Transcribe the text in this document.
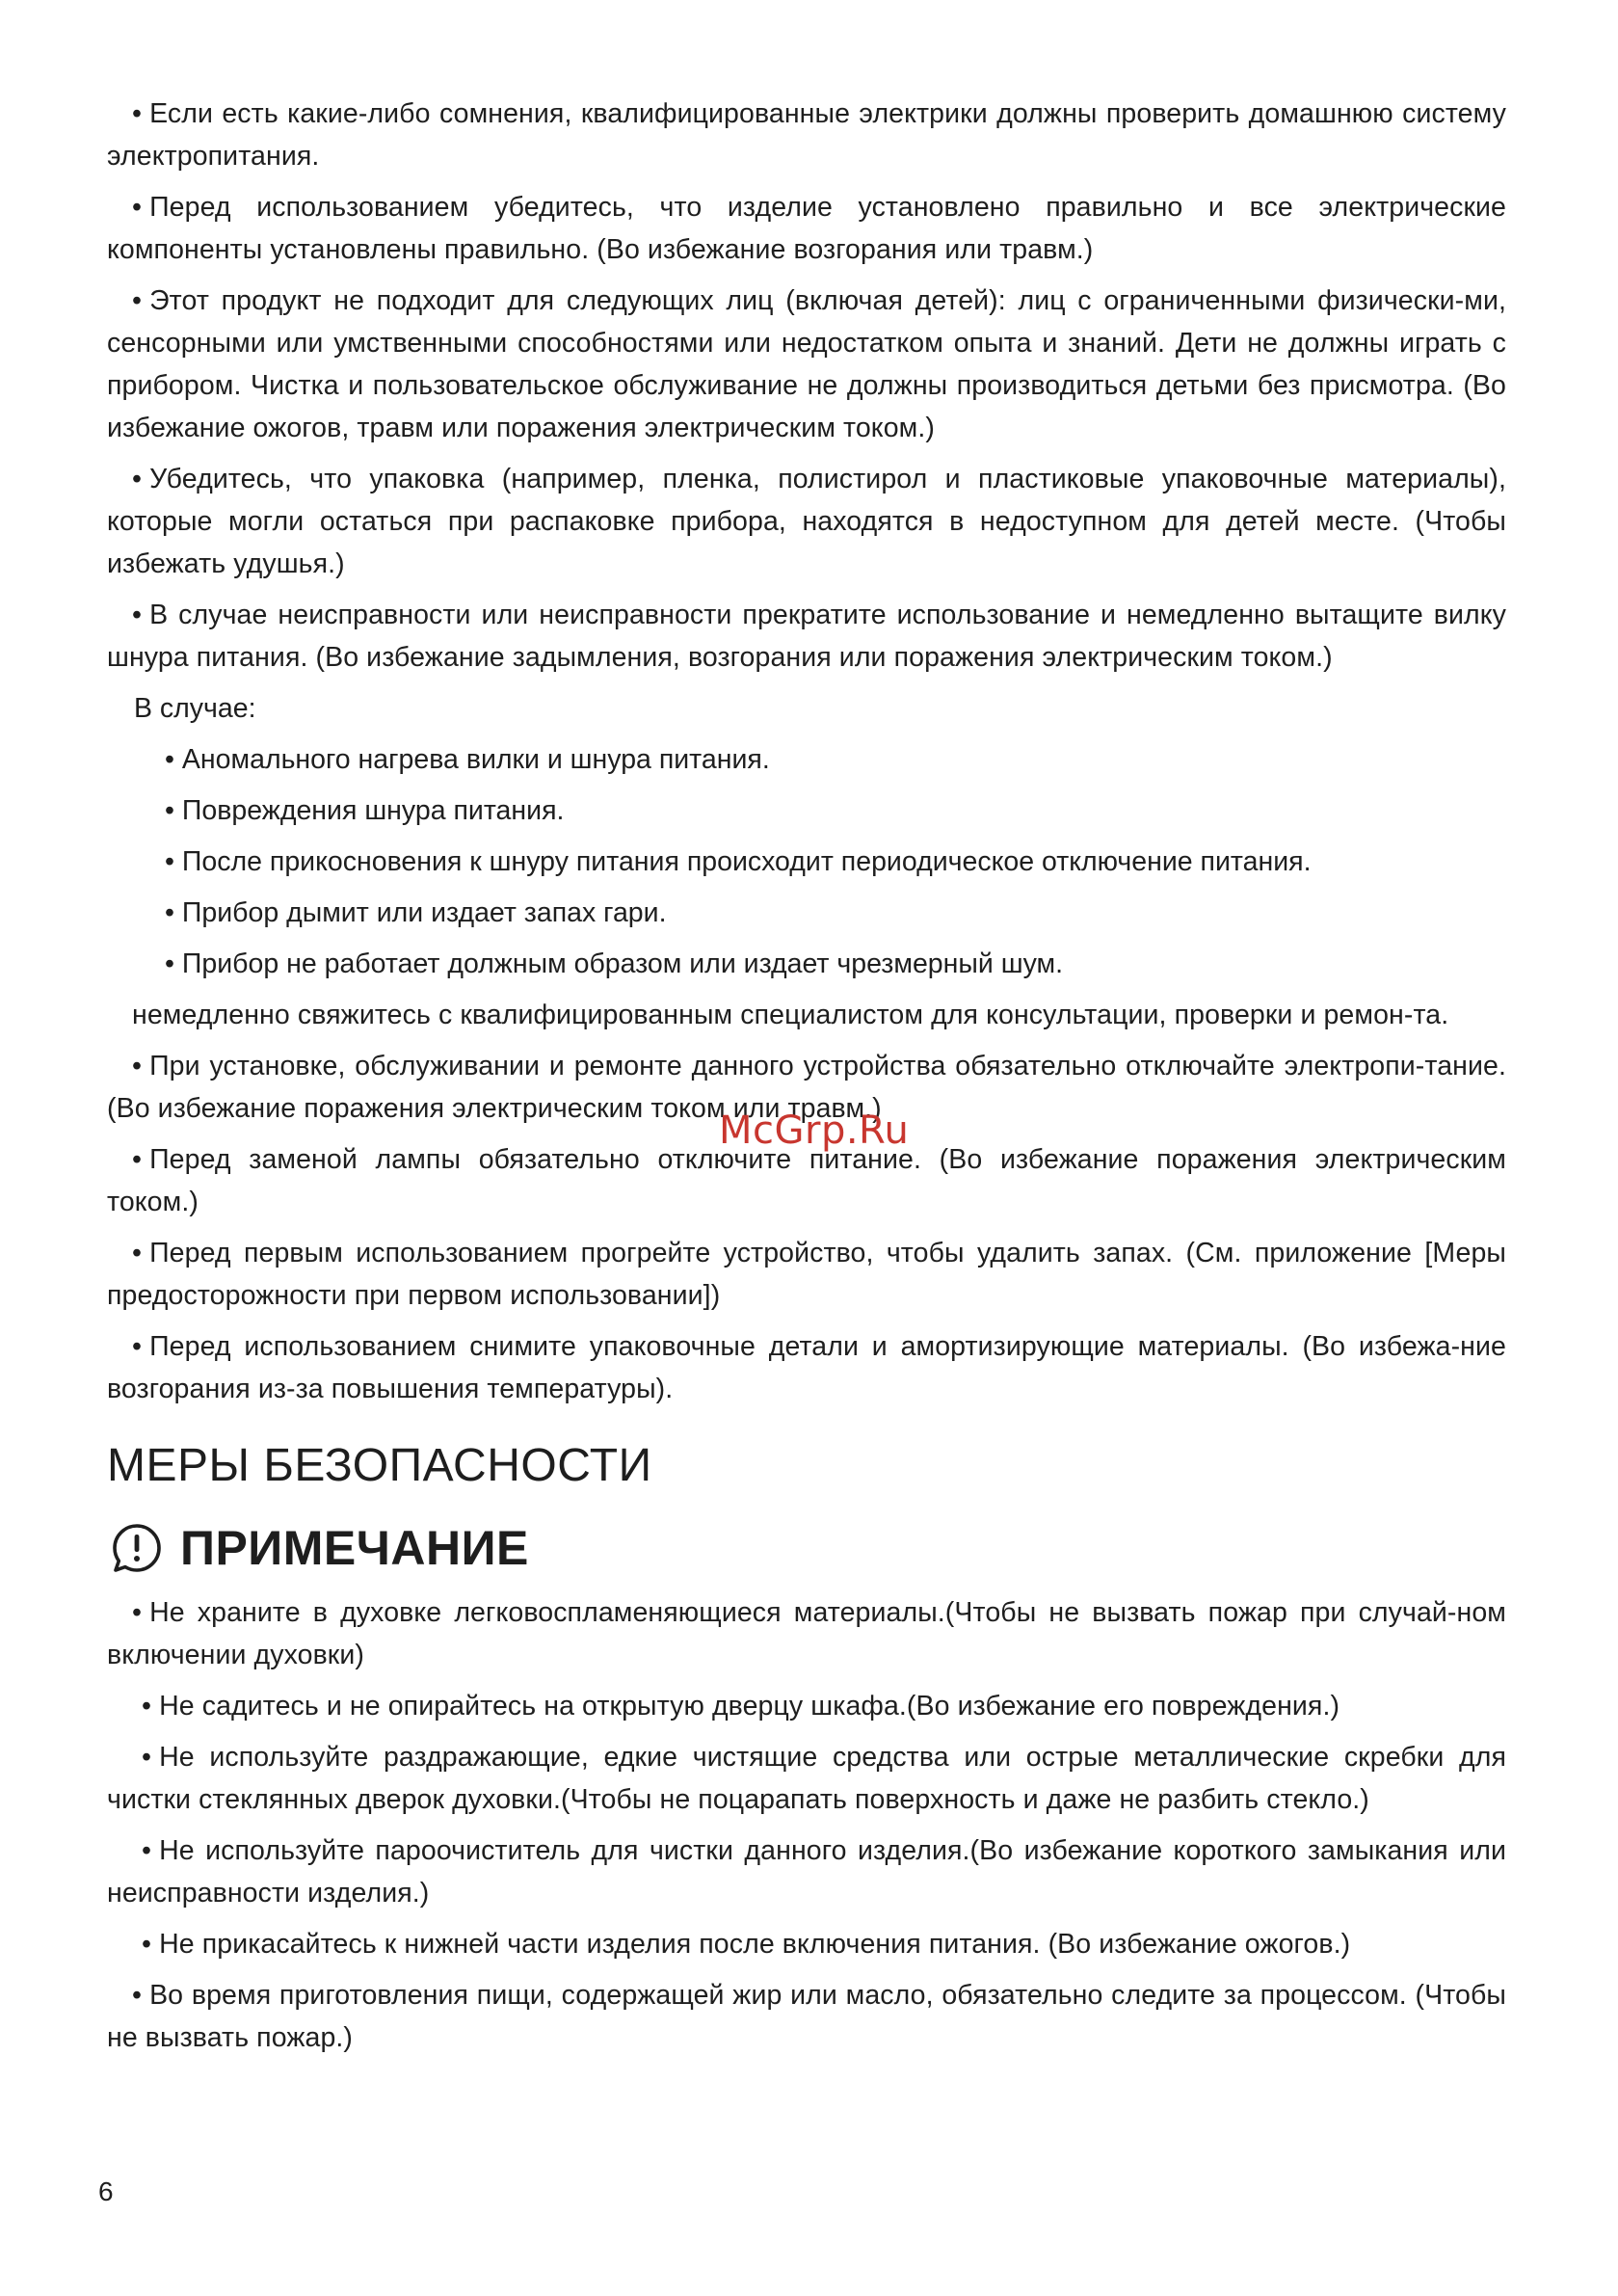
• Если есть какие-либо сомнения, квалифицированные электрики должны проверить домашнюю систему электропитания.

• Перед использованием убедитесь, что изделие установлено правильно и все электрические компоненты установлены правильно. (Во избежание возгорания или травм.)

• Этот продукт не подходит для следующих лиц (включая детей): лиц с ограниченными физически-ми, сенсорными или умственными способностями или недостатком опыта и знаний. Дети не должны играть с прибором. Чистка и пользовательское обслуживание не должны производиться детьми без присмотра. (Во избежание ожогов, травм или поражения электрическим током.)

• Убедитесь, что упаковка (например, пленка, полистирол и пластиковые упаковочные материалы), которые могли остаться при распаковке прибора, находятся в недоступном для детей месте. (Чтобы избежать удушья.)

• В случае неисправности или неисправности прекратите использование и немедленно вытащите вилку шнура питания. (Во избежание задымления, возгорания или поражения электрическим током.)

В случае:

• Аномального нагрева вилки и шнура питания.

• Повреждения шнура питания.

• После прикосновения к шнуру питания происходит периодическое отключение питания.

• Прибор дымит или издает запах гари.

• Прибор не работает должным образом или издает чрезмерный шум.

немедленно свяжитесь с квалифицированным специалистом для консультации, проверки и ремон-та.

• При установке, обслуживании и ремонте данного устройства обязательно отключайте электропи-тание. (Во избежание поражения электрическим током или травм.)

• Перед заменой лампы обязательно отключите питание. (Во избежание поражения электрическим током.)

• Перед первым использованием прогрейте устройство, чтобы удалить запах. (См. приложение [Меры предосторожности при первом использовании])

• Перед использованием снимите упаковочные детали и амортизирующие материалы. (Во избежа-ние возгорания из-за повышения температуры).

МЕРЫ БЕЗОПАСНОСТИ
ПРИМЕЧАНИЕ

• Не храните в духовке легковоспламеняющиеся материалы.(Чтобы не вызвать пожар при случай-ном включении духовки)

• Не садитесь и не опирайтесь на открытую дверцу шкафа.(Во избежание его повреждения.)

• Не используйте раздражающие, едкие чистящие средства или острые металлические скребки для чистки стеклянных дверок духовки.(Чтобы не поцарапать поверхность и даже не разбить стекло.)

• Не используйте пароочиститель для чистки данного изделия.(Во избежание короткого замыкания или неисправности изделия.)

• Не прикасайтесь к нижней части изделия после включения питания. (Во избежание ожогов.)

• Во время приготовления пищи, содержащей жир или масло, обязательно следите за процессом. (Чтобы не вызвать пожар.)

McGrp.Ru
6
